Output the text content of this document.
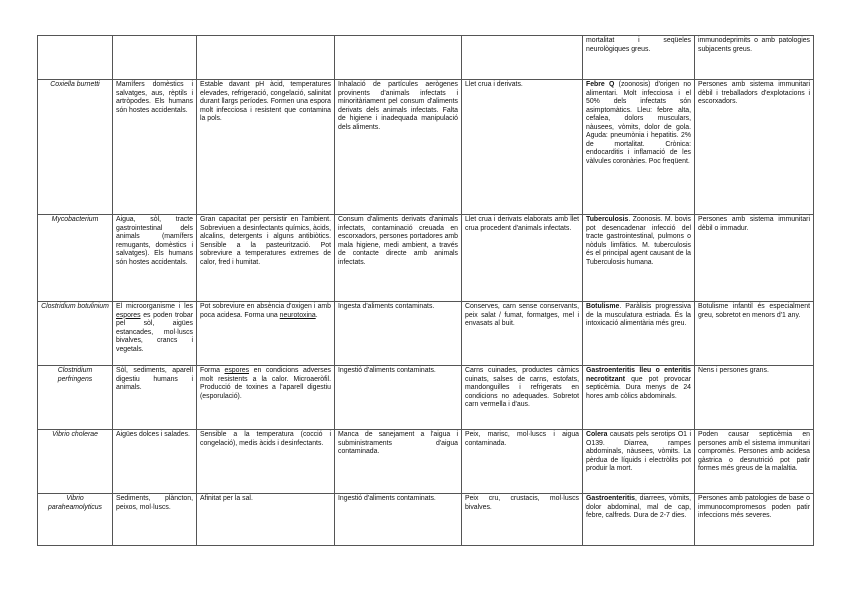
					mortalitat i seqüeles neurològiques greus.	immunodeprimits o amb patologies subjacents greus.
Coxiella burnetti	Mamífers domèstics i salvatges, aus, rèptils i artròpodes. Els humans són hostes accidentals.	Estable davant pH àcid, temperatures elevades, refrigeració, congelació, salinitat durant llargs períodes. Formen una espora molt infecciosa i resistent que contamina la pols.	Inhalació de partícules aerògenes provinents d'animals infectats i minoritàriament pel consum d'aliments derivats dels animals infectats. Falta de higiene i inadequada manipulació dels aliments.	Llet crua i derivats.	Febre Q (zoonosis) d'origen no alimentari. Molt infecciosa i el 50% dels infectats són asimptomàtics. Lleu: febre alta, cefalea, dolors musculars, nàusees, vòmits, dolor de gola. Aguda: pneumònia i hepatitis. 2% de mortalitat. Crònica: endocarditis i inflamació de les vàlvules coronàries. Poc freqüent.	Persones amb sistema immunitari dèbil i treballadors d'explotacions i escorxadors.
Mycobacterium	Aigua, sòl, tracte gastrointestinal dels animals (mamífers remugants, domèstics i salvatges). Els humans són hostes accidentals.	Gran capacitat per persistir en l'ambient. Sobreviuen a desinfectants químics, àcids, alcalins, detergents i alguns antibiòtics. Sensible a la pasteurització. Pot sobreviure a temperatures extremes de calor, fred i humitat.	Consum d'aliments derivats d'animals infectats, contaminació creuada en escorxadors, persones portadores amb mala higiene, medi ambient, a través de contacte directe amb animals infectats.	Llet crua i derivats elaborats amb llet crua procedent d'animals infectats.	Tuberculosis. Zoonosis. M. bovis pot desencadenar infecció del tracte gastrointestinal, pulmons o nòduls limfàtics. M. tuberculosis és el principal agent causant de la Tuberculosis humana.	Persones amb sistema immunitari dèbil o immadur.
Clostridium botulinium	El microorganisme i les espores es poden trobar pel sòl, aigües estancades, mol·luscs bivalves, crancs i vegetals.	Pot sobreviure en absència d'oxigen i amb poca acidesa. Forma una neurotoxina.	Ingesta d'aliments contaminats.	Conserves, carn sense conservants, peix salat / fumat, formatges, mel i envasats al buit.	Botulisme. Paràlisis progressiva de la musculatura estriada. És la intoxicació alimentària més greu.	Botulisme infantil és especialment greu, sobretot en menors d'1 any.
Clostridium perfringens	Sòl, sediments, aparell digestiu humans i animals.	Forma espores en condicions adverses molt resistents a la calor. Microaeròfil. Producció de toxines a l'aparell digestiu (esporulació).	Ingestió d'aliments contaminats.	Carns cuinades, productes càrnics cuinats, salses de carns, estofats, mandonguilles i refrigerats en condicions no adequades. Sobretot carn vermella i d'aus.	Gastroenteritis lleu o enteritis necrotitzant que pot provocar septicèmia. Dura menys de 24 hores amb còlics abdominals.	Nens i persones grans.
Vibrio cholerae	Aigües dolces i salades.	Sensible a la temperatura (cocció i congelació), medis àcids i desinfectants.	Manca de sanejament a l'aigua i subministraments d'aigua contaminada.	Peix, marisc, mol·luscs i aigua contaminada.	Colera causats pels serotips O1 i O139. Diarrea, rampes abdominals, nàusees, vòmits. La pèrdua de líquids i electròlits pot produir la mort.	Poden causar septicèmia en persones amb el sistema immunitari compromès. Persones amb acidesa gàstrica o desnutrició pot patir formes més greus de la malaltia.
Vibrio paraheamolyticus	Sediments, plàncton, peixos, mol·luscs.	Afinitat per la sal.	Ingestió d'aliments contaminats.	Peix cru, crustacis, mol·luscs bivalves.	Gastroenteritis, diarrees, vòmits, dolor abdominal, mal de cap, febre, calfreds. Dura de 2-7 dies.	Persones amb patologies de base o immunocompromesos poden patir infeccions més severes.
